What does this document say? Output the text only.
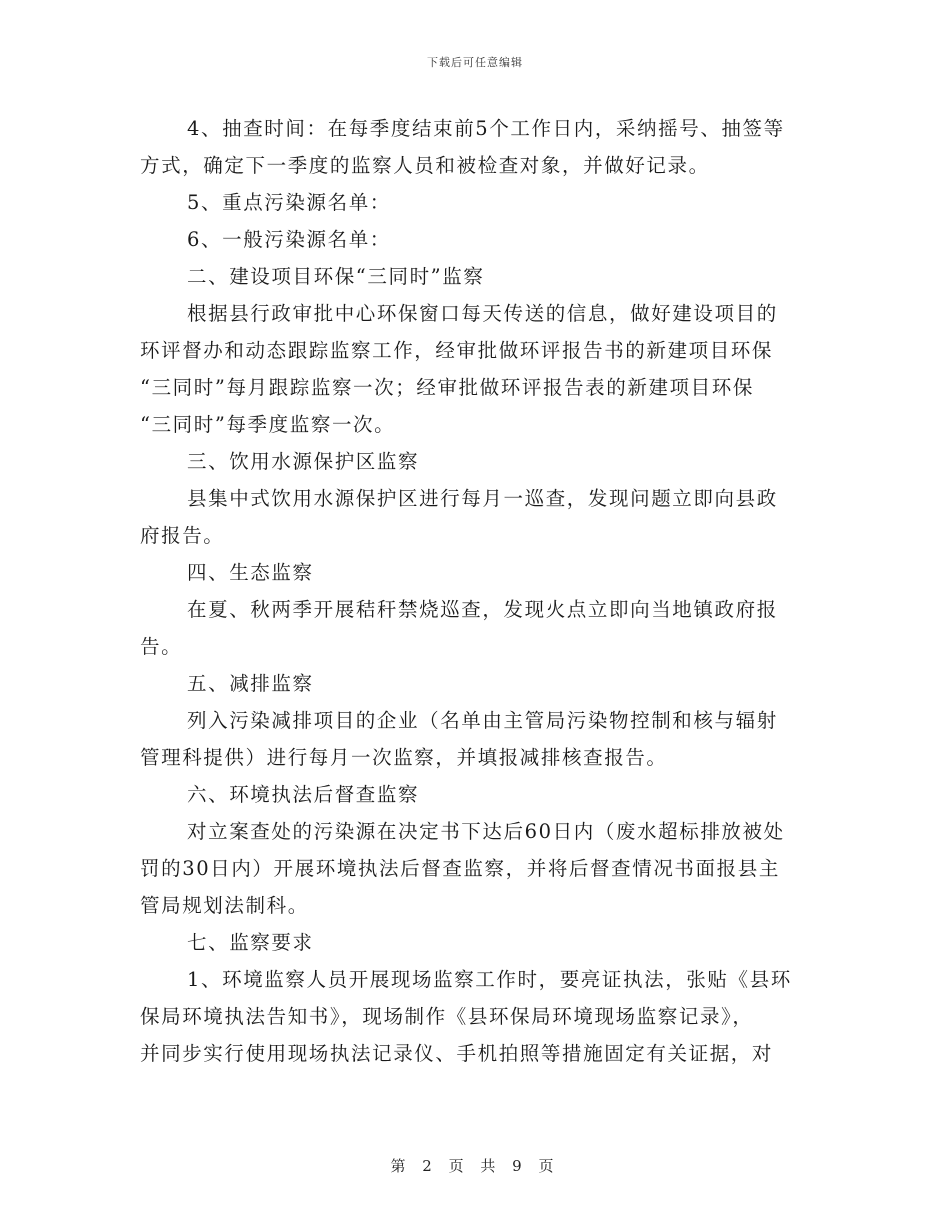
下载后可任意编辑
4、抽查时间：在每季度结束前5个工作日内，采纳摇号、抽签等
方式，确定下一季度的监察人员和被检查对象，并做好记录。
5、重点污染源名单：
6、一般污染源名单：
二、建设项目环保“三同时”监察
根据县行政审批中心环保窗口每天传送的信息，做好建设项目的
环评督办和动态跟踪监察工作，经审批做环评报告书的新建项目环保
“三同时”每月跟踪监察一次；经审批做环评报告表的新建项目环保
“三同时”每季度监察一次。
三、饮用水源保护区监察
县集中式饮用水源保护区进行每月一巡查，发现问题立即向县政
府报告。
四、生态监察
在夏、秋两季开展秸秆禁烧巡查，发现火点立即向当地镇政府报
告。
五、减排监察
列入污染减排项目的企业（名单由主管局污染物控制和核与辐射
管理科提供）进行每月一次监察，并填报减排核查报告。
六、环境执法后督查监察
对立案查处的污染源在决定书下达后60日内（废水超标排放被处
罚的30日内）开展环境执法后督查监察，并将后督查情况书面报县主
管局规划法制科。
七、监察要求
1、环境监察人员开展现场监察工作时，要亮证执法，张贴《县环
保局环境执法告知书》，现场制作《县环保局环境现场监察记录》，
并同步实行使用现场执法记录仪、手机拍照等措施固定有关证据，对
第 2 页 共 9 页
